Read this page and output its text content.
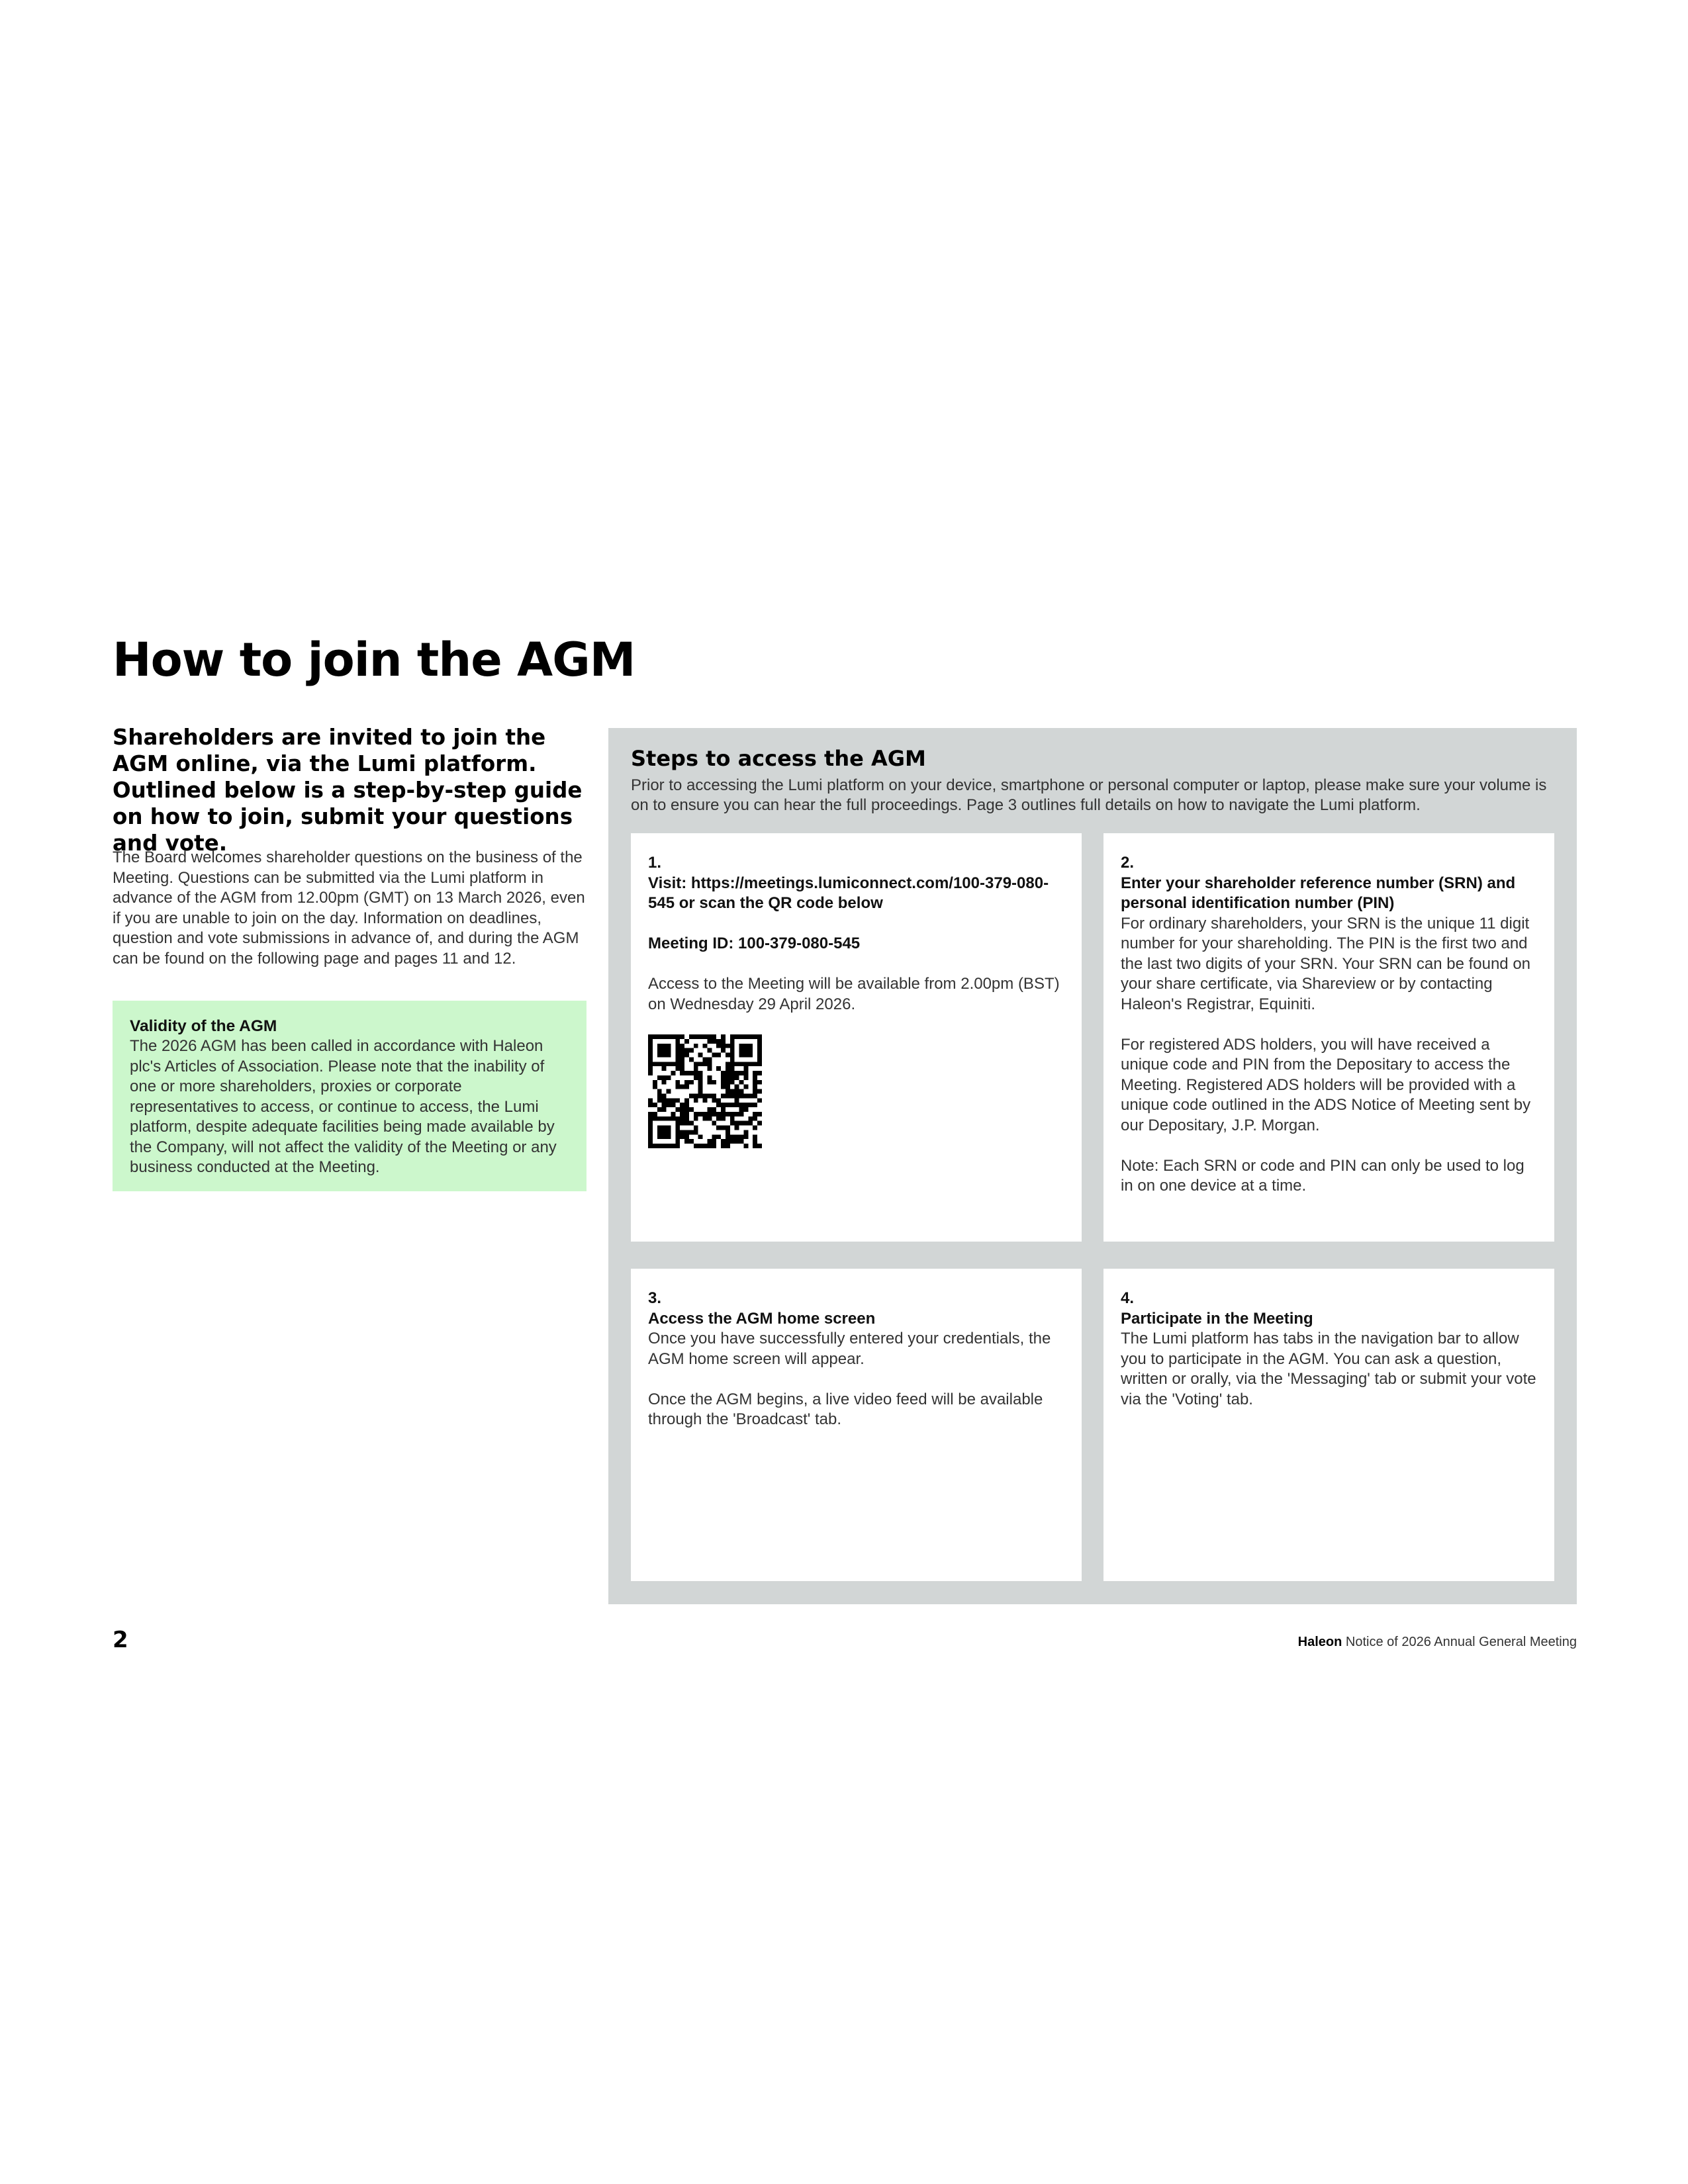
How to join the AGM

Shareholders are invited to join the AGM online, via the Lumi platform. Outlined below is a step-by-step guide on how to join, submit your questions and vote.

The Board welcomes shareholder questions on the business of the Meeting. Questions can be submitted via the Lumi platform in advance of the AGM from 12.00pm (GMT) on 13 March 2026, even if you are unable to join on the day. Information on deadlines, question and vote submissions in advance of, and during the AGM can be found on the following page and pages 11 and 12.

Validity of the AGM

The 2026 AGM has been called in accordance with Haleon plc's Articles of Association. Please note that the inability of one or more shareholders, proxies or corporate representatives to access, or continue to access, the Lumi platform, despite adequate facilities being made available by the Company, will not affect the validity of the Meeting or any business conducted at the Meeting.

Steps to access the AGM

Prior to accessing the Lumi platform on your device, smartphone or personal computer or laptop, please make sure your volume is on to ensure you can hear the full proceedings. Page 3 outlines full details on how to navigate the Lumi platform.

1.

Visit: https://meetings.lumiconnect.com/100-379-080-545 or scan the QR code below

Meeting ID: 100-379-080-545

Access to the Meeting will be available from 2.00pm (BST) on Wednesday 29 April 2026.

2.

Enter your shareholder reference number (SRN) and personal identification number (PIN)

For ordinary shareholders, your SRN is the unique 11 digit number for your shareholding. The PIN is the first two and the last two digits of your SRN. Your SRN can be found on your share certificate, via Shareview or by contacting Haleon's Registrar, Equiniti.

For registered ADS holders, you will have received a unique code and PIN from the Depositary to access the Meeting. Registered ADS holders will be provided with a unique code outlined in the ADS Notice of Meeting sent by our Depositary, J.P. Morgan.

Note: Each SRN or code and PIN can only be used to log in on one device at a time.

3.

Access the AGM home screen

Once you have successfully entered your credentials, the AGM home screen will appear.

Once the AGM begins, a live video feed will be available through the 'Broadcast' tab.

4.

Participate in the Meeting

The Lumi platform has tabs in the navigation bar to allow you to participate in the AGM. You can ask a question, written or orally, via the 'Messaging' tab or submit your vote via the 'Voting' tab.

2	Haleon Notice of 2026 Annual General Meeting
